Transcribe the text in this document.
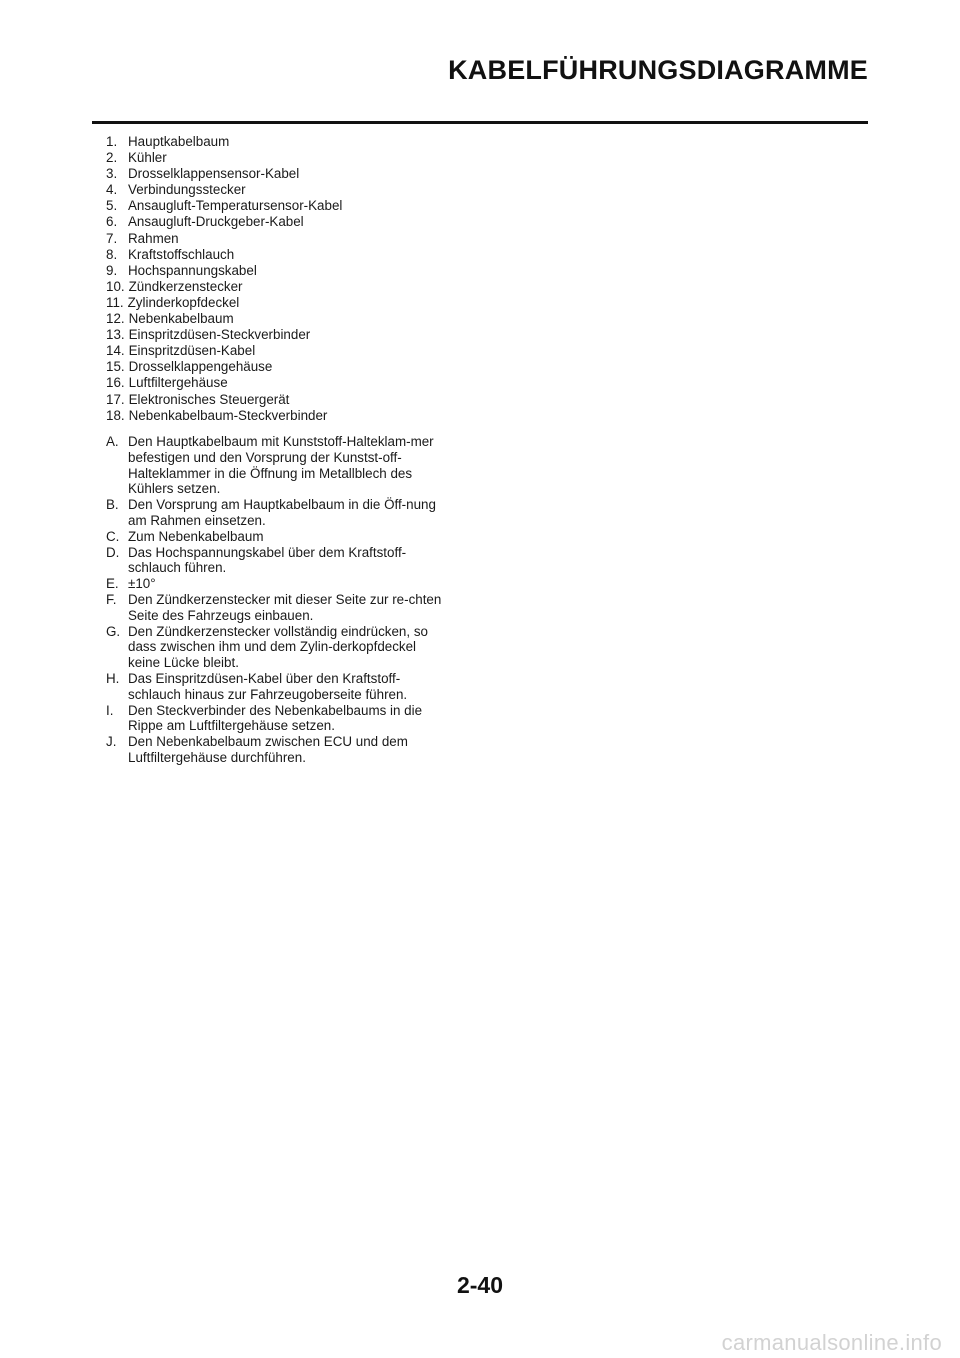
KABELFÜHRUNGSDIAGRAMME
1. Hauptkabelbaum
2. Kühler
3. Drosselklappensensor-Kabel
4. Verbindungsstecker
5. Ansaugluft-Temperatursensor-Kabel
6. Ansaugluft-Druckgeber-Kabel
7. Rahmen
8. Kraftstoffschlauch
9. Hochspannungskabel
10. Zündkerzenstecker
11. Zylinderkopfdeckel
12. Nebenkabelbaum
13. Einspritzdüsen-Steckverbinder
14. Einspritzdüsen-Kabel
15. Drosselklappengehäuse
16. Luftfiltergehäuse
17. Elektronisches Steuergerät
18. Nebenkabelbaum-Steckverbinder
A. Den Hauptkabelbaum mit Kunststoff-Halteklam-mer befestigen und den Vorsprung der Kunstst-off-Halteklammer in die Öffnung im Metallblech des Kühlers setzen.
B. Den Vorsprung am Hauptkabelbaum in die Öff-nung am Rahmen einsetzen.
C. Zum Nebenkabelbaum
D. Das Hochspannungskabel über dem Kraftstoff-schlauch führen.
E. ±10°
F. Den Zündkerzenstecker mit dieser Seite zur re-chten Seite des Fahrzeugs einbauen.
G. Den Zündkerzenstecker vollständig eindrücken, so dass zwischen ihm und dem Zylin-derkopfdeckel keine Lücke bleibt.
H. Das Einspritzdüsen-Kabel über den Kraftstoff-schlauch hinaus zur Fahrzeugoberseite führen.
I.	Den Steckverbinder des Nebenkabelbaums in die Rippe am Luftfiltergehäuse setzen.
J. Den Nebenkabelbaum zwischen ECU und dem Luftfiltergehäuse durchführen.
2-40
carmanualsonline.info
